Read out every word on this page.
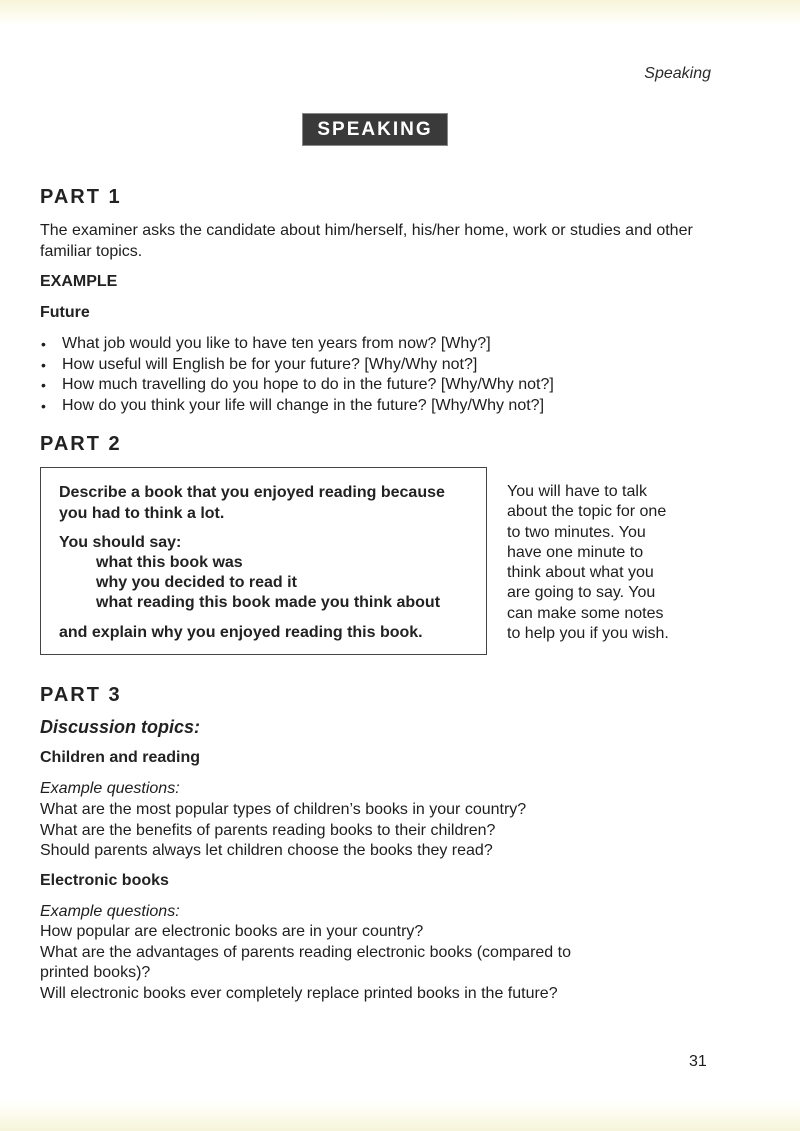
Speaking
SPEAKING
PART 1
The examiner asks the candidate about him/herself, his/her home, work or studies and other familiar topics.
EXAMPLE
Future
• What job would you like to have ten years from now? [Why?]
• How useful will English be for your future? [Why/Why not?]
• How much travelling do you hope to do in the future? [Why/Why not?]
• How do you think your life will change in the future? [Why/Why not?]
PART 2
Describe a book that you enjoyed reading because
you had to think a lot.
You should say:
what this book was
why you decided to read it
what reading this book made you think about
and explain why you enjoyed reading this book.
You will have to talk
about the topic for one
to two minutes. You
have one minute to
think about what you
are going to say. You
can make some notes
to help you if you wish.
PART 3
Discussion topics:
Children and reading
Example questions:
What are the most popular types of children’s books in your country?
What are the benefits of parents reading books to their children?
Should parents always let children choose the books they read?
Electronic books
Example questions:
How popular are electronic books are in your country?
What are the advantages of parents reading electronic books (compared to
printed books)?
Will electronic books ever completely replace printed books in the future?
31
